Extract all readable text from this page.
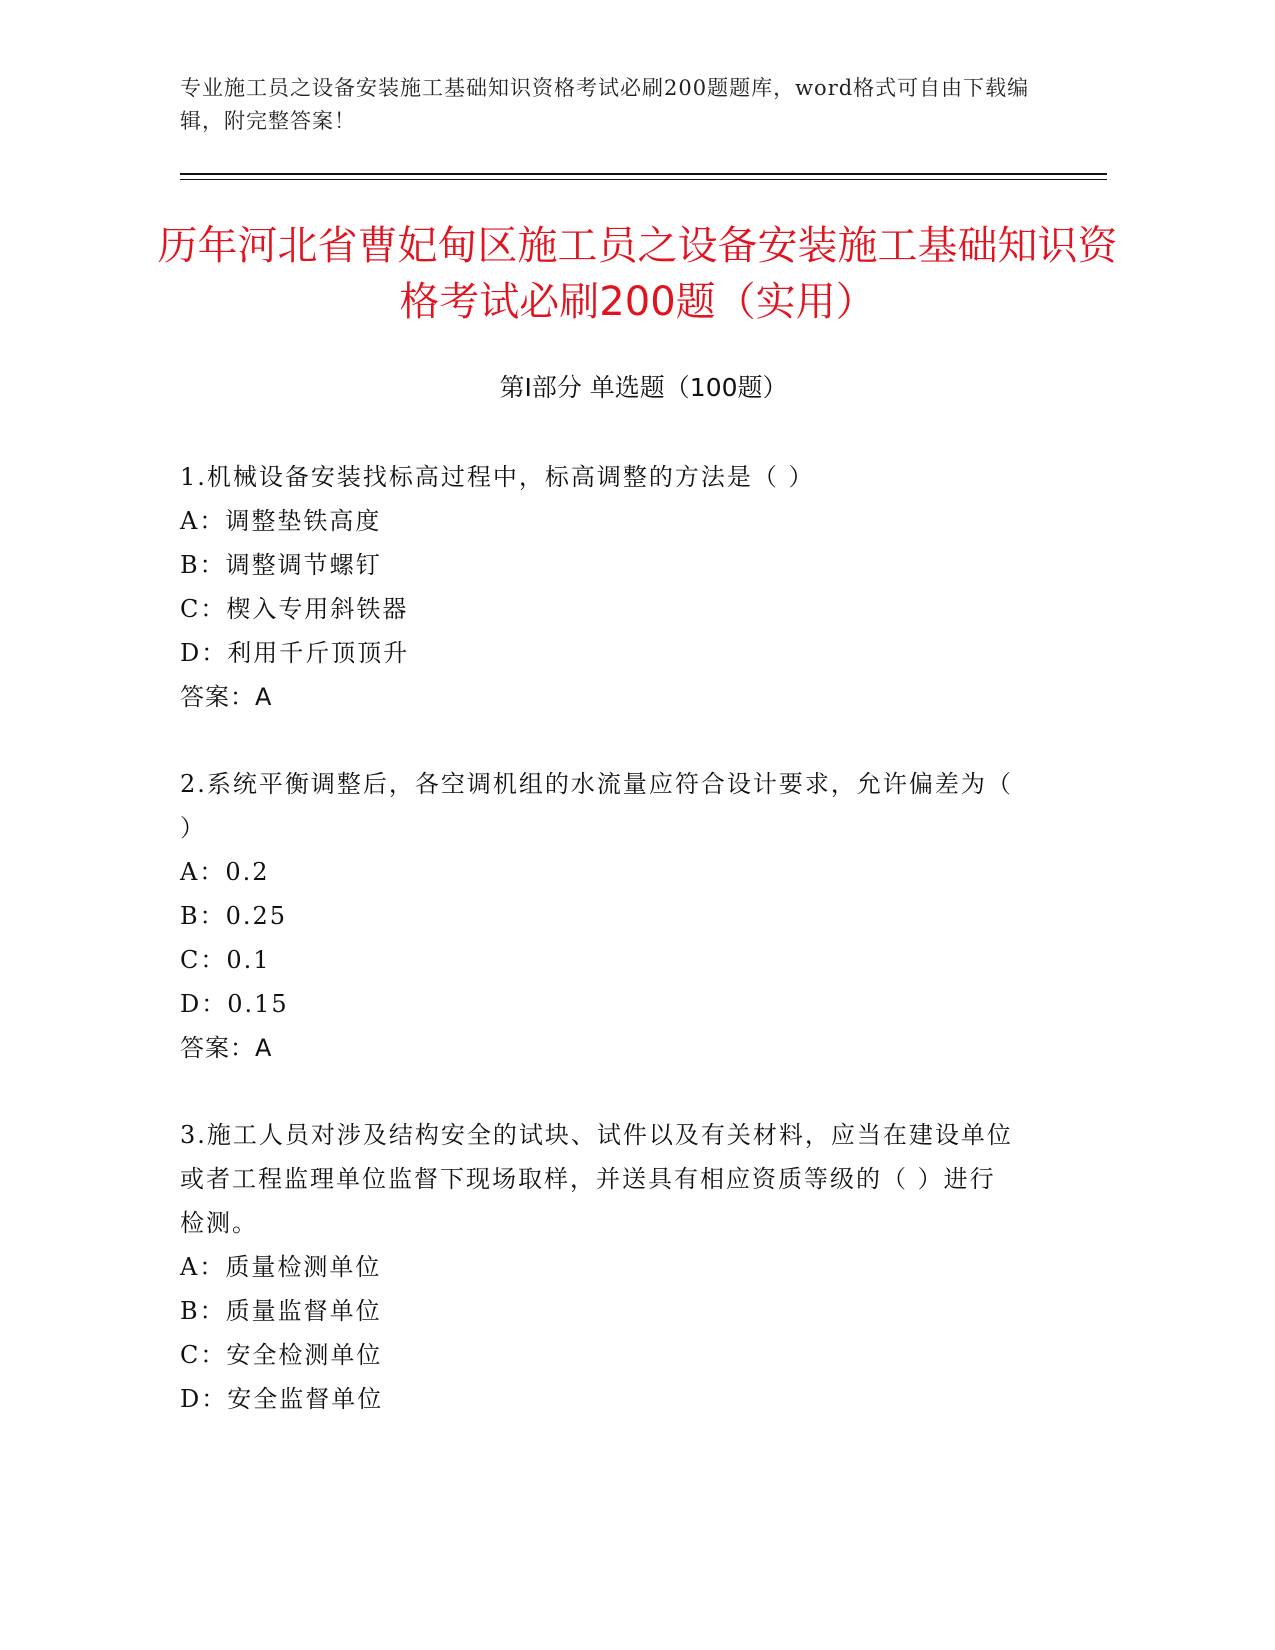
专业施工员之设备安装施工基础知识资格考试必刷200题题库，word格式可自由下载编辑，附完整答案！
历年河北省曹妃甸区施工员之设备安装施工基础知识资格考试必刷200题（实用）
第Ⅰ部分 单选题（100题）
1.机械设备安装找标高过程中，标高调整的方法是（ ）
A：调整垫铁高度
B：调整调节螺钉
C：楔入专用斜铁器
D：利用千斤顶顶升
答案：A
2.系统平衡调整后，各空调机组的水流量应符合设计要求，允许偏差为（ ）
A：0.2
B：0.25
C：0.1
D：0.15
答案：A
3.施工人员对涉及结构安全的试块、试件以及有关材料，应当在建设单位或者工程监理单位监督下现场取样，并送具有相应资质等级的（ ）进行检测。
A：质量检测单位
B：质量监督单位
C：安全检测单位
D：安全监督单位
